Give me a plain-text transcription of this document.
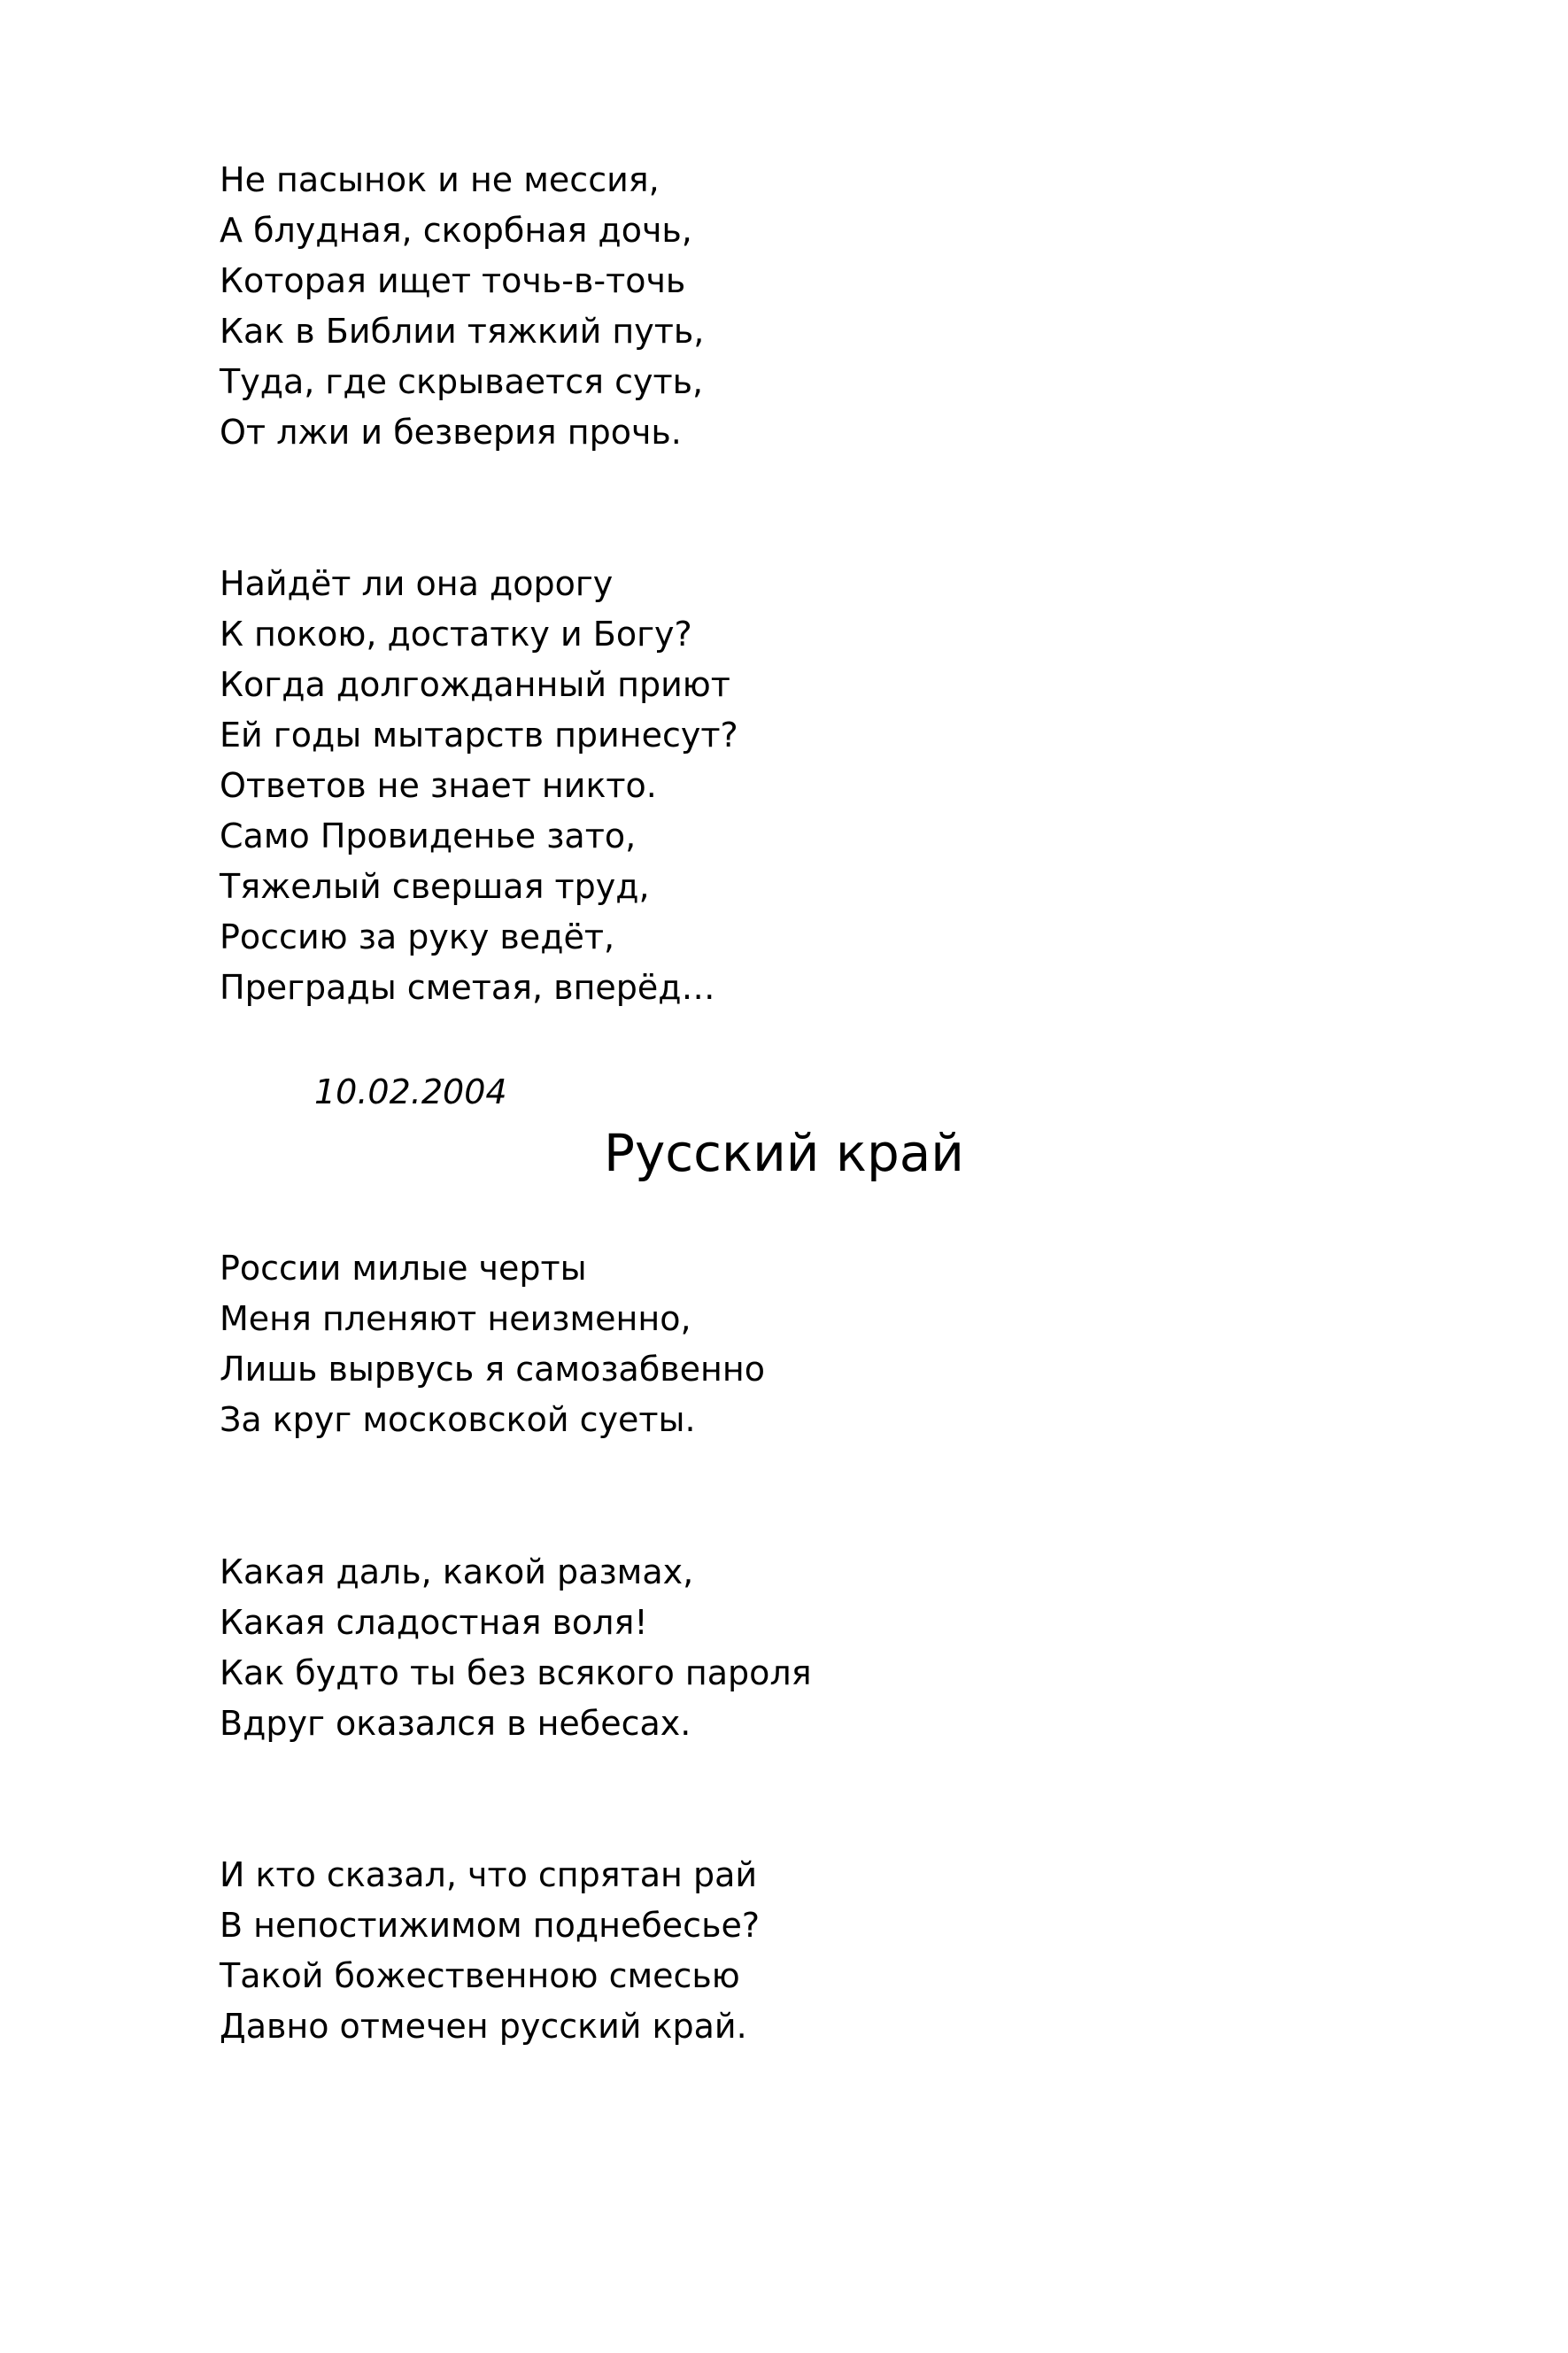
Не пасынок и не мессия,
А блудная, скорбная дочь,
Которая ищет точь-в-точь
Как в Библии тяжкий путь,
Туда, где скрывается суть,
От лжи и безверия прочь.
Найдёт ли она дорогу
К покою, достатку и Богу?
Когда долгожданный приют
Ей годы мытарств принесут?
Ответов не знает никто.
Само Провиденье зато,
Тяжелый свершая труд,
Россию за руку ведёт,
Преграды сметая, вперёд…
10.02.2004
Русский край
России милые черты
Меня пленяют неизменно,
Лишь вырвусь я самозабвенно
За круг московской суеты.
Какая даль, какой размах,
Какая сладостная воля!
Как будто ты без всякого пароля
Вдруг оказался в небесах.
И кто сказал, что спрятан рай
В непостижимом поднебесье?
Такой божественною смесью
Давно отмечен русский край.
